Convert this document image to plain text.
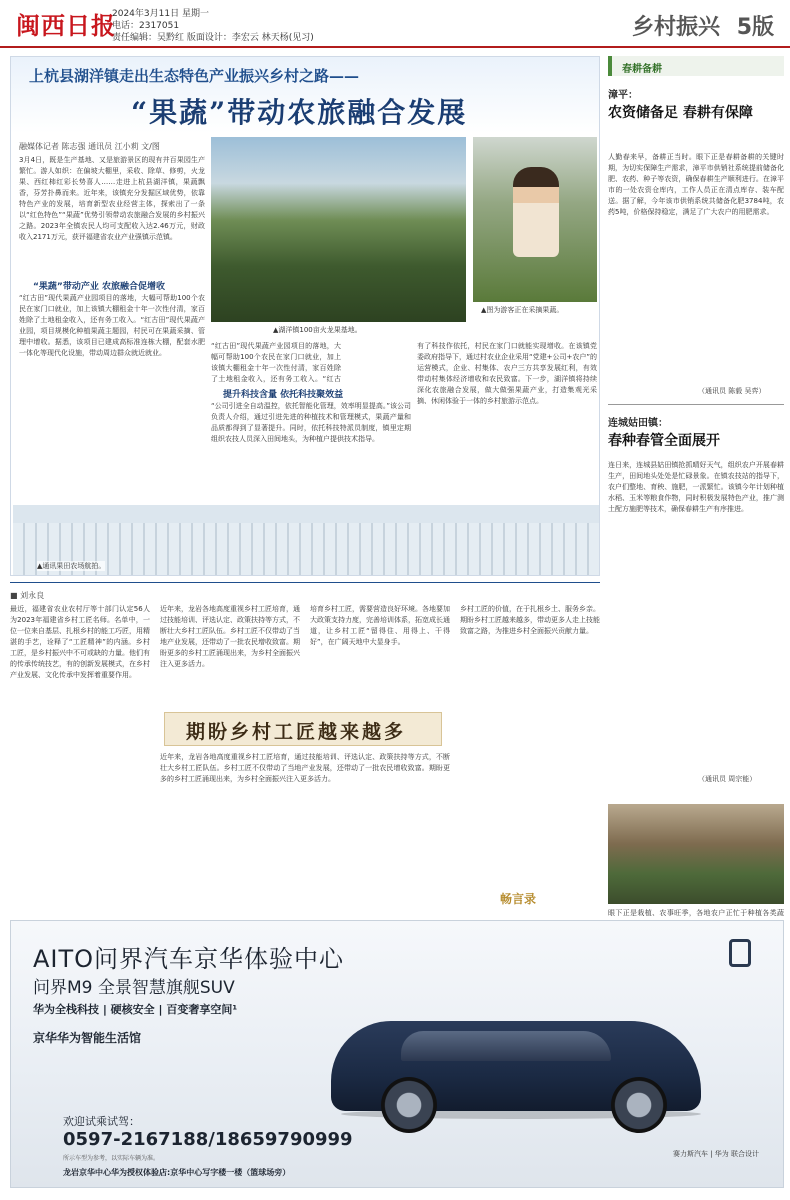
闽西日报
2024年3月11日 星期一
电话：2317051
责任编辑：吴黔红 版面设计：李宏云 林天杨(见习)	乡村振兴 5版
上杭县湖洋镇走出生态特色产业振兴乡村之路——
“果蔬”带动农旅融合发展
融媒体记者 陈志强 通讯员 江小莉 文/图
3月4日，既是生产基地、又是旅游景区的现有井百果园生产繁忙。游人如织：在偏坡大棚里，采收、除草、修剪，火龙果、西红柿红彩长势喜人……走进上杭县湖洋镇，果蔬飘香，芬芳扑鼻而来。近年来，该镇充分发掘区域优势，依靠特色产业的发展，培育新型农业经营主体，探索出了一条以“红色特色”“果蔬”优势引领带动农旅融合发展的乡村振兴之路。2023年全镇农民人均可支配收入达2.46万元，财政收入2171万元，获评福建省农业产业强镇示范镇。
“果蔬”带动产业 农旅融合促增收
“红古田”现代果蔬产业园项目的落地，大幅可帮助100个农民在家门口就业，加上该镇大棚租金十年一次性付清，家百姓除了土地租金收入，还有务工收入。“红古田”现代果蔬产业园，项目规模化种植果蔬主题园，村民可在果蔬采摘、管理中增收。据悉，该项目已建成高标准连栋大棚，配套水肥一体化等现代化设施，带动周边群众就近就业。
▲湖洋镇100亩火龙果基地。
▲图为游客正在采摘果蔬。
“红古田”现代果蔬产业园项目的落地，大幅可帮助100个农民在家门口就业，加上该镇大棚租金十年一次性付清，家百姓除了土地租金收入，还有务工收入。“红古
提升科技含量 依托科技聚效益
“公司引进全自动温控，依托智能化管理，效率明显提高。”该公司负责人介绍，通过引进先进的种植技术和管理模式，果蔬产量和品质都得到了显著提升。同时，依托科技特派员制度，镇里定期组织农技人员深入田间地头，为种植户提供技术指导。
有了科技作依托，村民在家门口就能实现增收。在该镇党委政府指导下，通过村农业企业采用“党建+公司+农户”的运营模式，企业、村集体、农户三方共享发展红利，有效带动村集体经济增收和农民致富。下一步，湖洋镇将持续深化农旅融合发展，做大做强果蔬产业，打造集观光采摘、休闲体验于一体的乡村旅游示范点。
▲通讯果田农场航拍。
春耕备耕
漳平：
农资储备足 春耕有保障
人勤春来早，备耕正当时。眼下正是春耕备耕的关键时期，为切实保障生产需求，漳平市供销社系统提前储备化肥、农药、种子等农资，确保春耕生产顺利进行。在漳平市的一处农资仓库内，工作人员正在清点库存、装车配送。据了解，今年该市供销系统共储备化肥3784吨，农药5吨，价格保持稳定，满足了广大农户的用肥需求。
（通讯员 陈毅 吴弈）
连城姑田镇：
春种春管全面展开
连日来，连城县姑田镇抢抓晴好天气，组织农户开展春耕生产，田间地头处处是忙碌景象。在镇农技站的指导下，农户们整地、育秧、施肥，一派繁忙。该镇今年计划种植水稻、玉米等粮食作物，同时积极发展特色产业，推广测土配方施肥等技术，确保春耕生产有序推进。
（通讯员 周宗能）
眼下正是栽植、农事旺季，各地农户正忙于种植各类蔬
■ 刘永良
最近，福建省农业农村厅等十部门认定56人为2023年福建省乡村工匠名师。名单中，一位一位来自基层、扎根乡村的能工巧匠，用精湛的手艺，诠释了“工匠精神”的内涵。乡村工匠，是乡村振兴中不可或缺的力量。他们有的传承传统技艺，有的创新发展模式，在乡村产业发展、文化传承中发挥着重要作用。
近年来，龙岩各地高度重视乡村工匠培育，通过技能培训、评选认定、政策扶持等方式，不断壮大乡村工匠队伍。乡村工匠不仅带动了当地产业发展，还带动了一批农民增收致富。期盼更多的乡村工匠涌现出来，为乡村全面振兴注入更多活力。
培育乡村工匠，需要营造良好环境。各地要加大政策支持力度，完善培训体系，拓宽成长通道，让乡村工匠“留得住、用得上、干得好”，在广阔天地中大显身手。
乡村工匠的价值，在于扎根乡土、服务乡亲。期盼乡村工匠越来越多，带动更多人走上技能致富之路，为推进乡村全面振兴贡献力量。
期盼乡村工匠越来越多
近年来，龙岩各地高度重视乡村工匠培育，通过技能培训、评选认定、政策扶持等方式，不断壮大乡村工匠队伍。乡村工匠不仅带动了当地产业发展，还带动了一批农民增收致富。期盼更多的乡村工匠涌现出来，为乡村全面振兴注入更多活力。
畅言录
AITO问界汽车京华体验中心
问界M9 全景智慧旗舰SUV
华为全栈科技 | 硬核安全 | 百变奢享空间¹
京华华为智能生活馆
欢迎试乘试驾：
0597-2167188/18659790999
所示车型为参考，以实际车辆为准。
龙岩京华中心华为授权体验店:京华中心写字楼一楼（篮球场旁）
赛力斯汽车 | 华为 联合设计
